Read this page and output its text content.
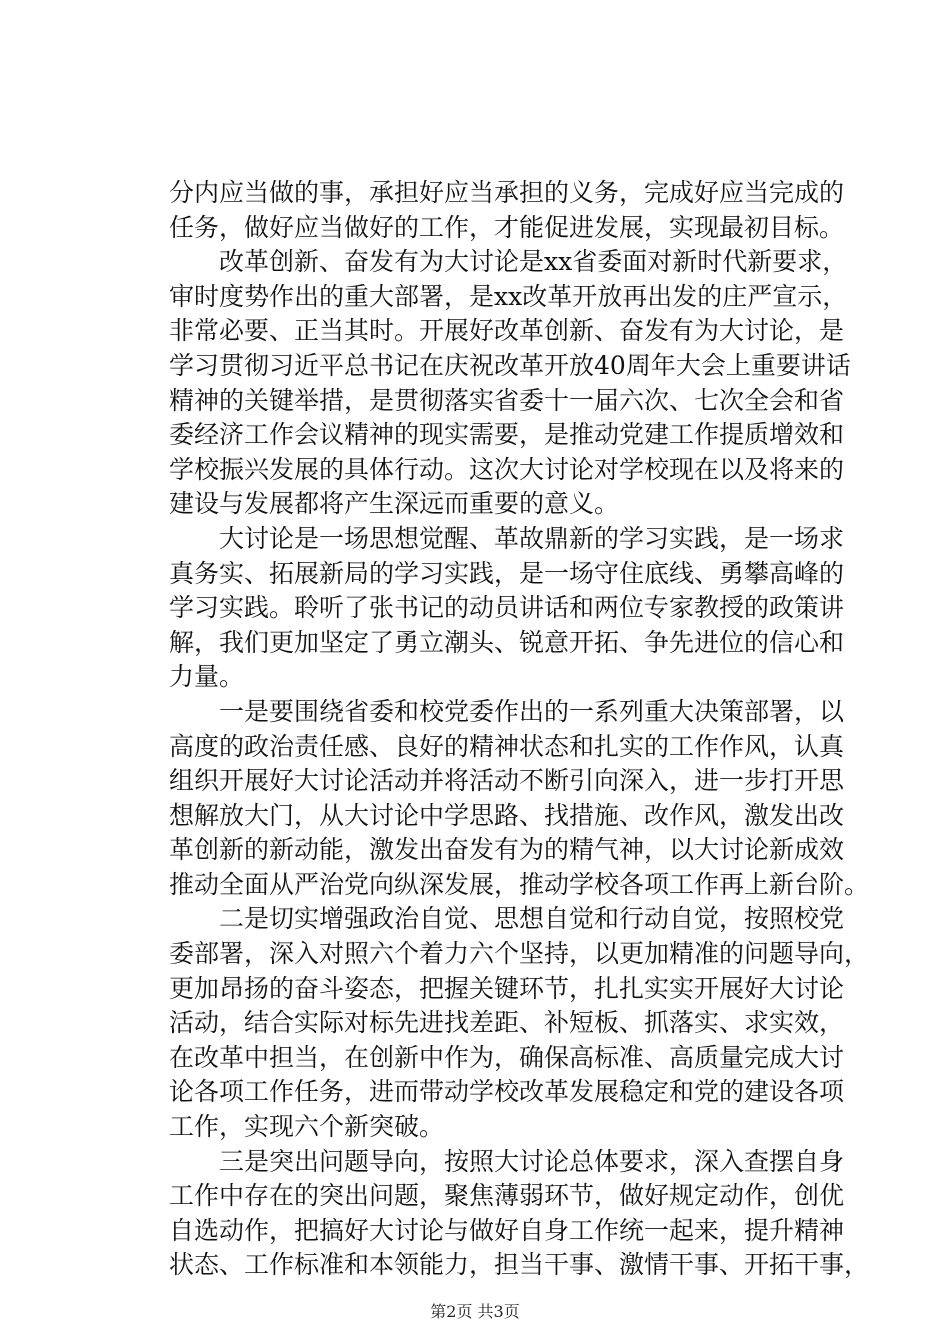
分内应当做的事，承担好应当承担的义务，完成好应当完成的
任务，做好应当做好的工作，才能促进发展，实现最初目标。
改革创新、奋发有为大讨论是xx省委面对新时代新要求，
审时度势作出的重大部署，是xx改革开放再出发的庄严宣示，
非常必要、正当其时。开展好改革创新、奋发有为大讨论，是
学习贯彻习近平总书记在庆祝改革开放40周年大会上重要讲话
精神的关键举措，是贯彻落实省委十一届六次、七次全会和省
委经济工作会议精神的现实需要，是推动党建工作提质增效和
学校振兴发展的具体行动。这次大讨论对学校现在以及将来的
建设与发展都将产生深远而重要的意义。
大讨论是一场思想觉醒、革故鼎新的学习实践，是一场求
真务实、拓展新局的学习实践，是一场守住底线、勇攀高峰的
学习实践。聆听了张书记的动员讲话和两位专家教授的政策讲
解，我们更加坚定了勇立潮头、锐意开拓、争先进位的信心和
力量。
一是要围绕省委和校党委作出的一系列重大决策部署，以
高度的政治责任感、良好的精神状态和扎实的工作作风，认真
组织开展好大讨论活动并将活动不断引向深入，进一步打开思
想解放大门，从大讨论中学思路、找措施、改作风，激发出改
革创新的新动能，激发出奋发有为的精气神，以大讨论新成效
推动全面从严治党向纵深发展，推动学校各项工作再上新台阶。
二是切实增强政治自觉、思想自觉和行动自觉，按照校党
委部署，深入对照六个着力六个坚持，以更加精准的问题导向，
更加昂扬的奋斗姿态，把握关键环节，扎扎实实开展好大讨论
活动，结合实际对标先进找差距、补短板、抓落实、求实效，
在改革中担当，在创新中作为，确保高标准、高质量完成大讨
论各项工作任务，进而带动学校改革发展稳定和党的建设各项
工作，实现六个新突破。
三是突出问题导向，按照大讨论总体要求，深入查摆自身
工作中存在的突出问题，聚焦薄弱环节，做好规定动作，创优
自选动作，把搞好大讨论与做好自身工作统一起来，提升精神
状态、工作标准和本领能力，担当干事、激情干事、开拓干事，
第2页 共3页
